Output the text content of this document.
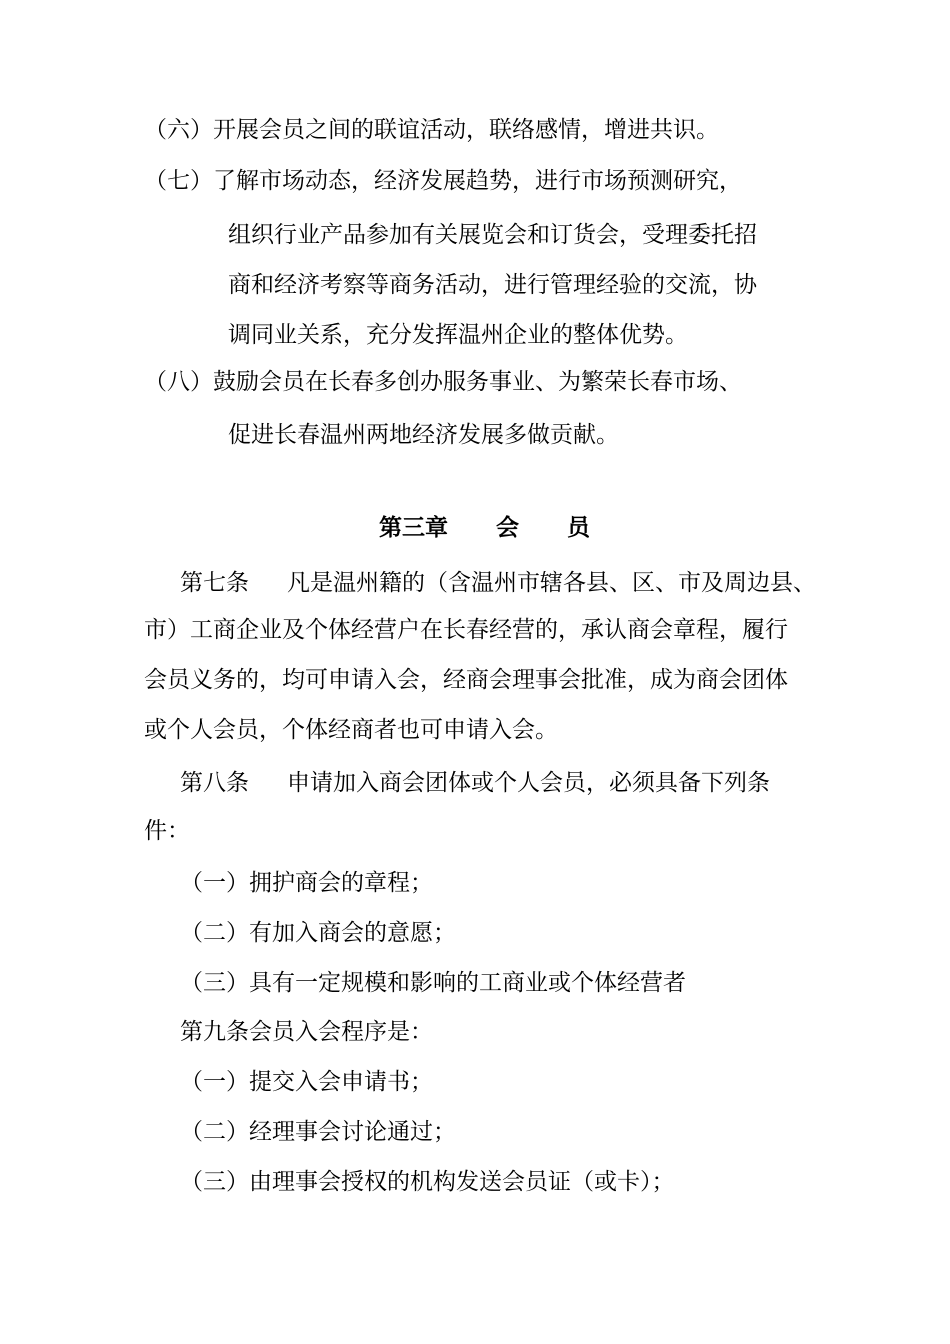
（六）开展会员之间的联谊活动，联络感情，增进共识。
（七）了解市场动态，经济发展趋势，进行市场预测研究，
组织行业产品参加有关展览会和订货会，受理委托招
商和经济考察等商务活动，进行管理经验的交流，协
调同业关系，充分发挥温州企业的整体优势。
（八）鼓励会员在长春多创办服务事业、为繁荣长春市场、
促进长春温州两地经济发展多做贡献。
第三章 会 员
第七条 凡是温州籍的（含温州市辖各县、区、市及周边县、
市）工商企业及个体经营户在长春经营的，承认商会章程，履行
会员义务的，均可申请入会，经商会理事会批准，成为商会团体
或个人会员，个体经商者也可申请入会。
第八条 申请加入商会团体或个人会员，必须具备下列条
件：
（一）拥护商会的章程；
（二）有加入商会的意愿；
（三）具有一定规模和影响的工商业或个体经营者
第九条会员入会程序是：
（一）提交入会申请书；
（二）经理事会讨论通过；
（三）由理事会授权的机构发送会员证（或卡）；
